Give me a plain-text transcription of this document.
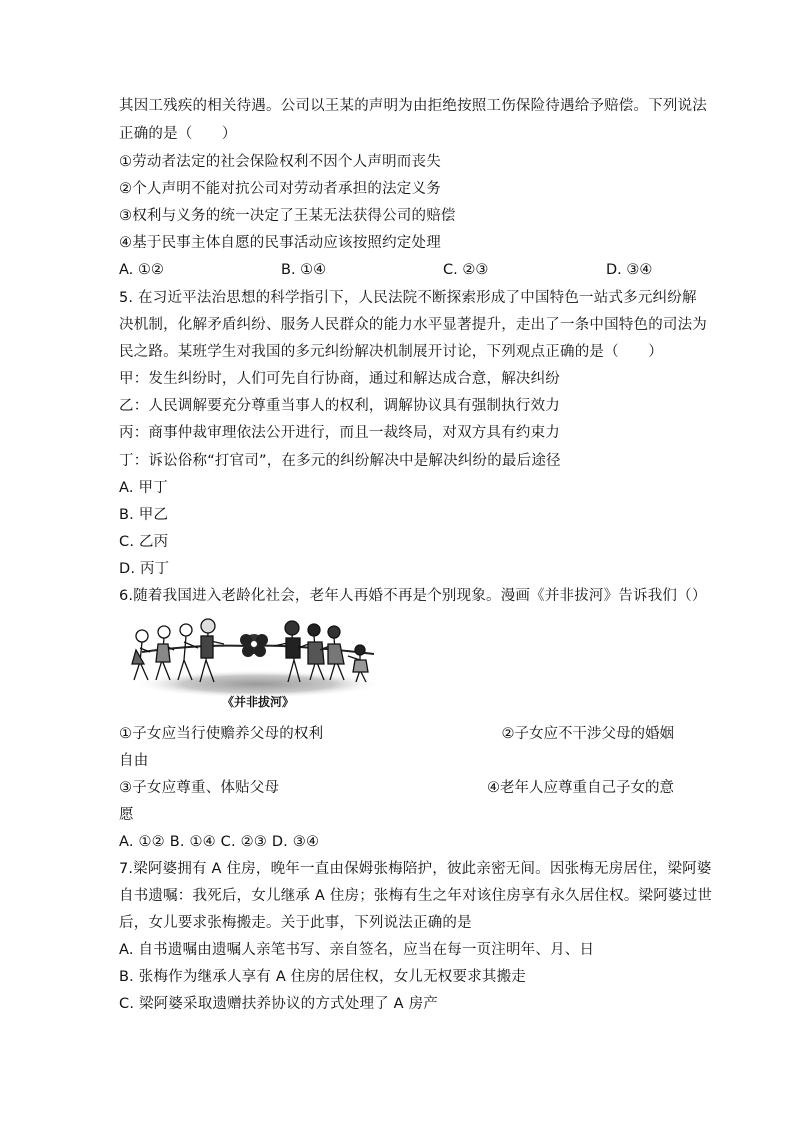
其因工残疾的相关待遇。公司以王某的声明为由拒绝按照工伤保险待遇给予赔偿。下列说法
正确的是（　　）
①劳动者法定的社会保险权利不因个人声明而丧失
②个人声明不能对抗公司对劳动者承担的法定义务
③权利与义务的统一决定了王某无法获得公司的赔偿
④基于民事主体自愿的民事活动应该按照约定处理
A. ①②	B. ①④	C. ②③	D. ③④
5. 在习近平法治思想的科学指引下，人民法院不断探索形成了中国特色一站式多元纠纷解
决机制，化解矛盾纠纷、服务人民群众的能力水平显著提升，走出了一条中国特色的司法为
民之路。某班学生对我国的多元纠纷解决机制展开讨论，下列观点正确的是（　　）
甲：发生纠纷时，人们可先自行协商，通过和解达成合意，解决纠纷
乙：人民调解要充分尊重当事人的权利，调解协议具有强制执行效力
丙：商事仲裁审理依法公开进行，而且一裁终局，对双方具有约束力
丁：诉讼俗称“打官司”，在多元的纠纷解决中是解决纠纷的最后途径
A. 甲丁
B. 甲乙
C. 乙丙
D. 丙丁
6.随着我国进入老龄化社会，老年人再婚不再是个别现象。漫画《并非拔河》告诉我们（）
《并非拔河》
①子女应当行使赡养父母的权利	②子女应不干涉父母的婚姻
自由
③子女应尊重、体贴父母	④老年人应尊重自己子女的意
愿
A. ①② B. ①④ C. ②③ D. ③④
7.梁阿婆拥有 A 住房，晚年一直由保姆张梅陪护，彼此亲密无间。因张梅无房居住，梁阿婆
自书遗嘱：我死后，女儿继承 A 住房；张梅有生之年对该住房享有永久居住权。梁阿婆过世
后，女儿要求张梅搬走。关于此事，下列说法正确的是
A. 自书遗嘱由遗嘱人亲笔书写、亲自签名，应当在每一页注明年、月、日
B. 张梅作为继承人享有 A 住房的居住权，女儿无权要求其搬走
C. 梁阿婆采取遗赠扶养协议的方式处理了 A 房产
